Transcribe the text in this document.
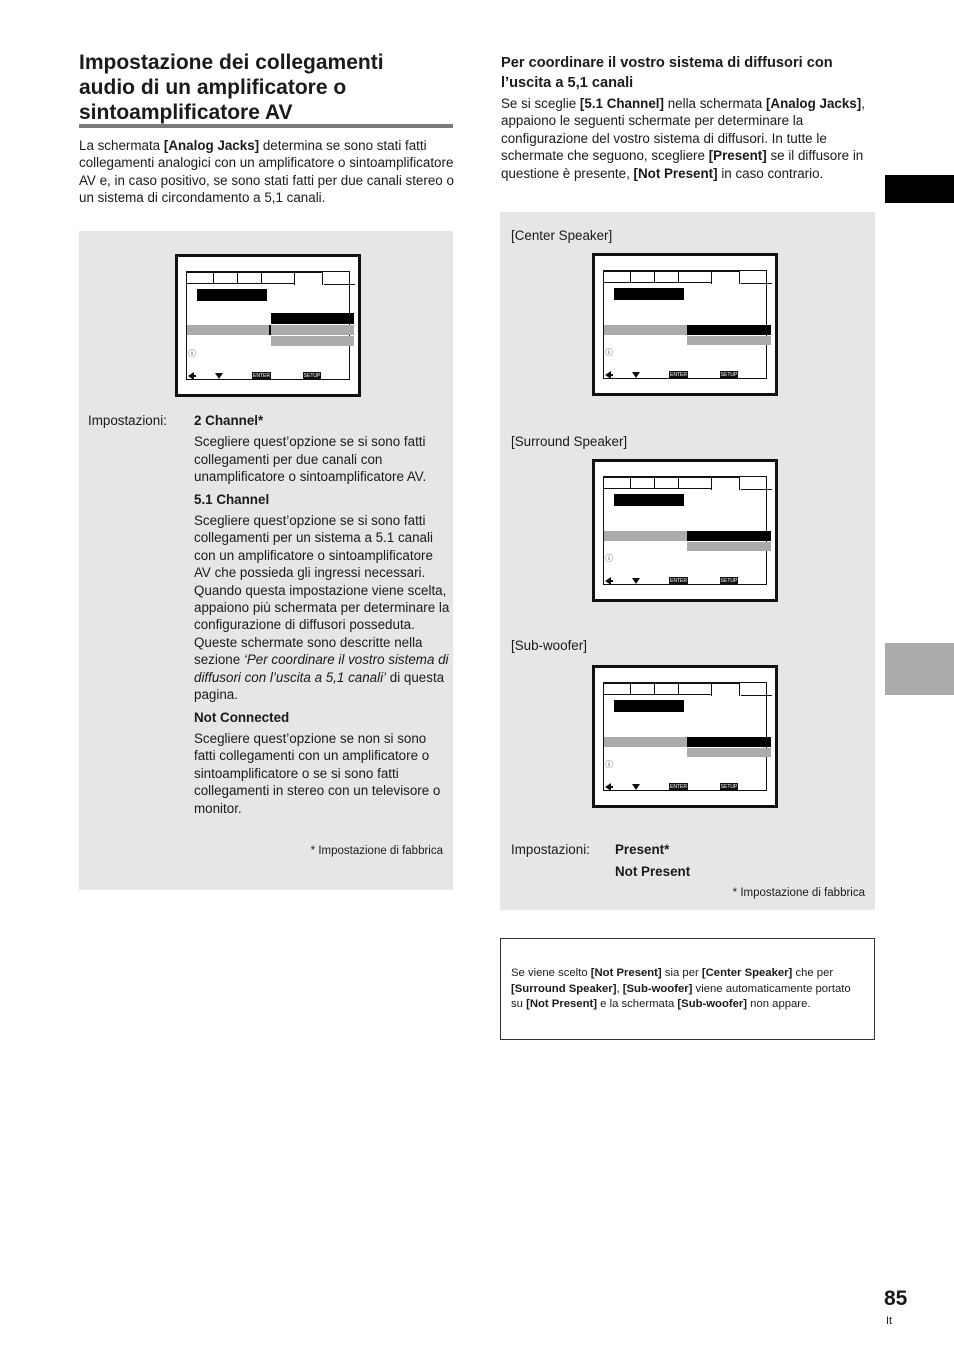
Impostazione dei collegamenti
audio di un amplificatore o
sintoamplificatore AV

La schermata [Analog Jacks] determina se sono stati fatti collegamenti analogici con un amplificatore o sintoamplificatore AV e, in caso positivo, se sono stati fatti per due canali stereo o un sistema di circondamento a 5,1 canali.

ⓘ
ENTER	SETUP
Impostazioni: 2 Channel*

Scegliere quest’opzione se si sono fatti collegamenti per due canali con unamplificatore o sintoamplificatore AV.

5.1 Channel

Scegliere quest’opzione se si sono fatti collegamenti per un sistema a 5.1 canali con un amplificatore o sintoamplificatore AV che possieda gli ingressi necessari. Quando questa impostazione viene scelta, appaiono più schermata per determinare la configurazione di diffusori posseduta. Queste schermate sono descritte nella sezione ‘Per coordinare il vostro sistema di diffusori con l’uscita a 5,1 canali’ di questa pagina.

Not Connected

Scegliere quest’opzione se non si sono fatti collegamenti con un amplificatore o sintoamplificatore o se si sono fatti collegamenti in stereo con un televisore o monitor.

* Impostazione di fabbrica
Per coordinare il vostro sistema di diffusori con
l’uscita a 5,1 canali

Se si sceglie [5.1 Channel] nella schermata [Analog Jacks], appaiono le seguenti schermate per determinare la configurazione del vostro sistema di diffusori. In tutte le schermate che seguono, scegliere [Present] se il diffusore in questione è presente, [Not Present] in caso contrario.

[Center Speaker]
[Surround Speaker]
[Sub-woofer]
ⓘ
ENTER	SETUP
ⓘ
ENTER	SETUP
ⓘ
ENTER	SETUP
Impostazioni: Present*

Not Present

* Impostazione di fabbrica

Se viene scelto [Not Present] sia per [Center Speaker] che per [Surround Speaker], [Sub-woofer] viene automaticamente portato su [Not Present] e la schermata [Sub-woofer] non appare.

85
It
